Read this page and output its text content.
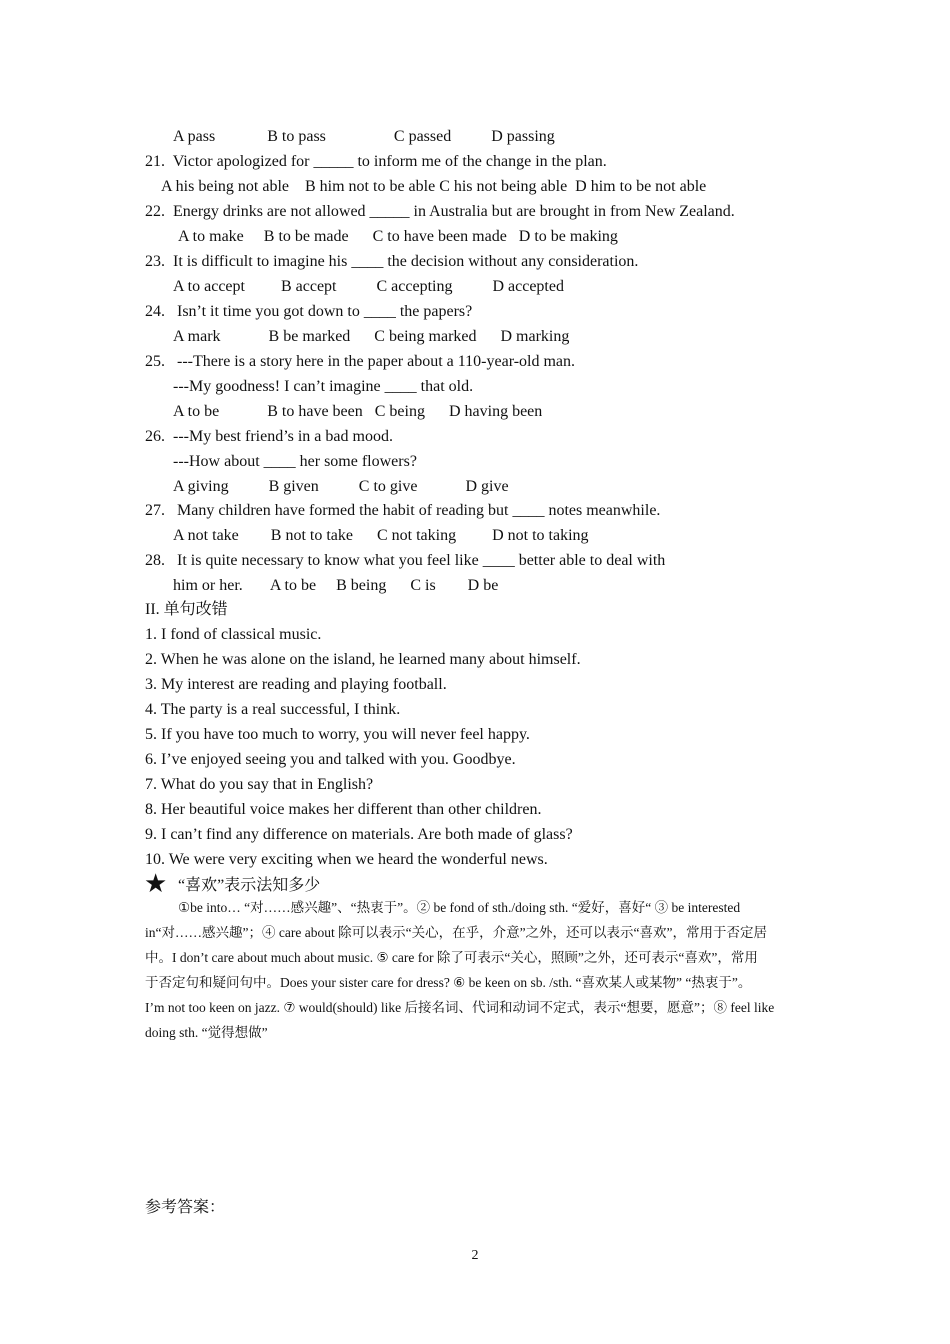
A pass             B to pass                 C passed          D passing
21.  Victor apologized for _____ to inform me of the change in the plan.
A his being not able    B him not to be able C his not being able  D him to be not able
22.  Energy drinks are not allowed _____ in Australia but are brought in from New Zealand.
A to make     B to be made      C to have been made   D to be making
23.  It is difficult to imagine his ____ the decision without any consideration.
A to accept         B accept          C accepting          D accepted
24.   Isn’t it time you got down to ____ the papers?
A mark            B be marked      C being marked      D marking
25.   ---There is a story here in the paper about a 110-year-old man.
---My goodness! I can’t imagine ____ that old.
A to be            B to have been   C being      D having been
26.  ---My best friend’s in a bad mood.
---How about ____ her some flowers?
A giving          B given          C to give            D give
27.   Many children have formed the habit of reading but ____ notes meanwhile.
A not take        B not to take      C not taking         D not to taking
28.   It is quite necessary to know what you feel like ____ better able to deal with
him or her.       A to be     B being      C is        D be
II. 单句改错
1. I fond of classical music.
2. When he was alone on the island, he learned many about himself.
3. My interest are reading and playing football.
4. The party is a real successful, I think.
5. If you have too much to worry, you will never feel happy.
6. I’ve enjoyed seeing you and talked with you. Goodbye.
7. What do you say that in English?
8. Her beautiful voice makes her different than other children.
9. I can’t find any difference on materials. Are both made of glass?
10. We were very exciting when we heard the wonderful news.
★ “喜欢”表示法知多少
①be into… “对……感兴趣”、“热衷于”。② be fond of sth./doing sth. “爱好，喜好“ ③ be interested
in“对……感兴趣”；④ care about 除可以表示“关心，在乎，介意”之外，还可以表示“喜欢”，常用于否定居
中。I don’t care about much about music. ⑤ care for 除了可表示“关心，照顾”之外，还可表示“喜欢”，常用
于否定句和疑问句中。Does your sister care for dress? ⑥ be keen on sb. /sth. “喜欢某人或某物” “热衷于”。
I’m not too keen on jazz. ⑦ would(should) like 后接名词、代词和动词不定式，表示“想要，愿意”；⑧ feel like
doing sth. “觉得想做”
参考答案：
2
